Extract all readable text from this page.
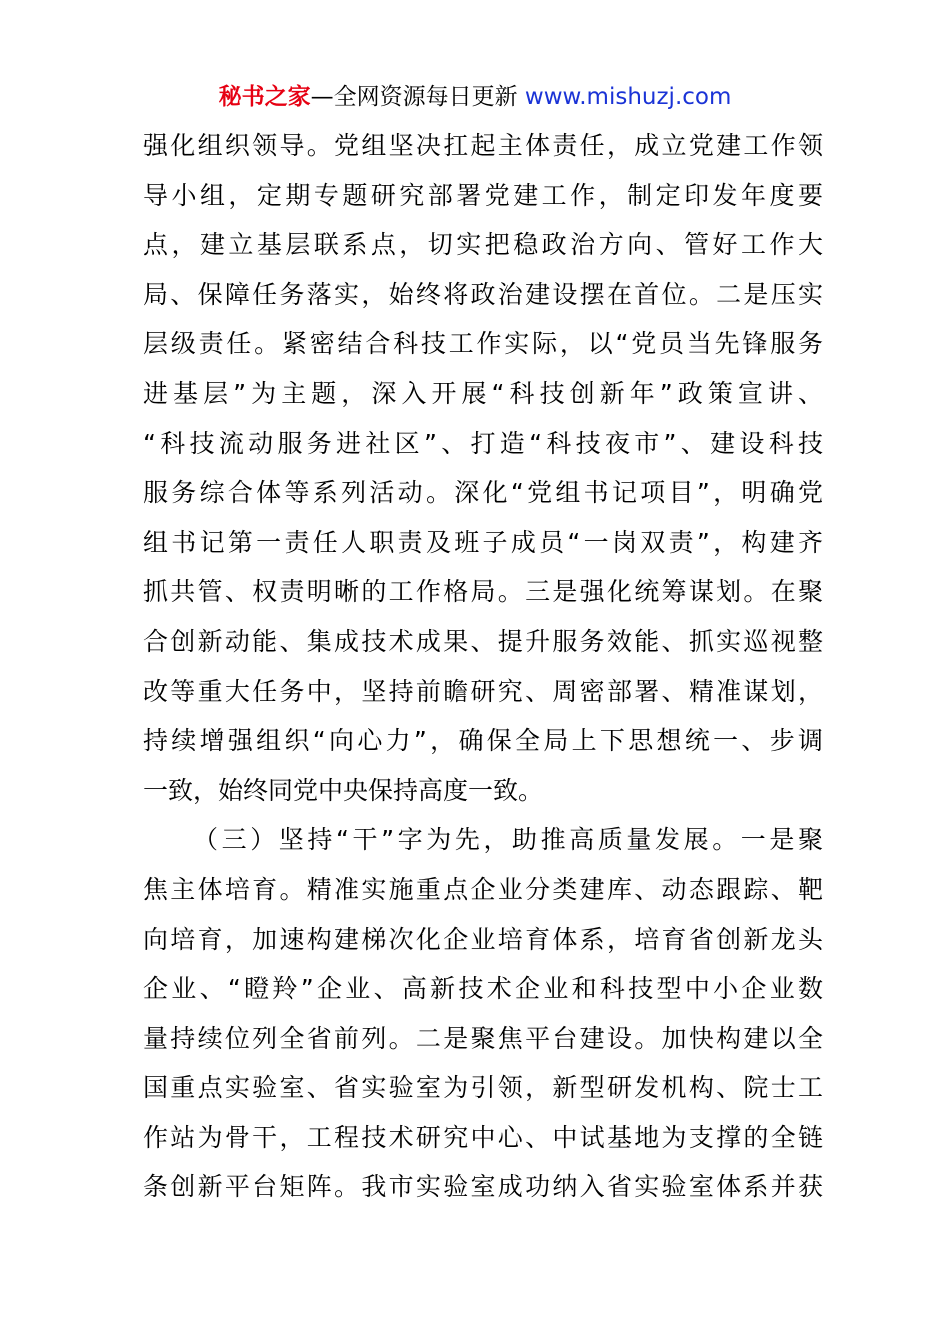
秘书之家—全网资源每日更新 www.mishuzj.com
强化组织领导。党组坚决扛起主体责任，成立党建工作领
导小组，定期专题研究部署党建工作，制定印发年度要
点，建立基层联系点，切实把稳政治方向、管好工作大
局、保障任务落实，始终将政治建设摆在首位。二是压实
层级责任。紧密结合科技工作实际，以“党员当先锋服务
进基层”为主题，深入开展“科技创新年”政策宣讲、
“科技流动服务进社区”、打造“科技夜市”、建设科技
服务综合体等系列活动。深化“党组书记项目”，明确党
组书记第一责任人职责及班子成员“一岗双责”，构建齐
抓共管、权责明晰的工作格局。三是强化统筹谋划。在聚
合创新动能、集成技术成果、提升服务效能、抓实巡视整
改等重大任务中，坚持前瞻研究、周密部署、精准谋划，
持续增强组织“向心力”，确保全局上下思想统一、步调
一致，始终同党中央保持高度一致。
（三）坚持“干”字为先，助推高质量发展。一是聚
焦主体培育。精准实施重点企业分类建库、动态跟踪、靶
向培育，加速构建梯次化企业培育体系，培育省创新龙头
企业、“瞪羚”企业、高新技术企业和科技型中小企业数
量持续位列全省前列。二是聚焦平台建设。加快构建以全
国重点实验室、省实验室为引领，新型研发机构、院士工
作站为骨干，工程技术研究中心、中试基地为支撑的全链
条创新平台矩阵。我市实验室成功纳入省实验室体系并获
